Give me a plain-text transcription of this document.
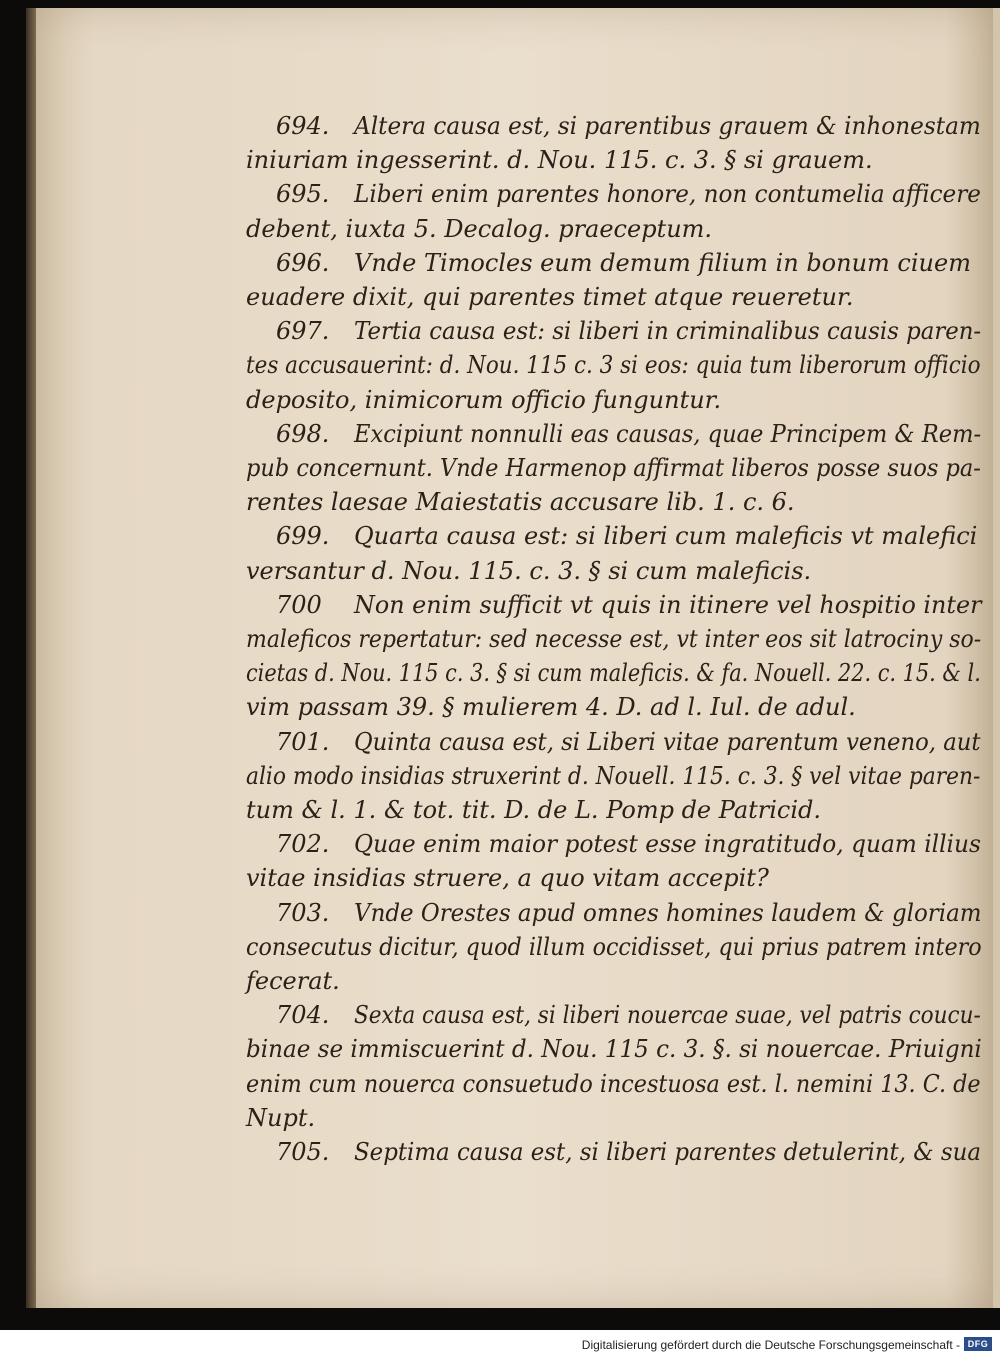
694. Altera causa est, si parentibus grauem & inhonestam
iniuriam ingesserint. d. Nou. 115. c. 3. § si grauem.
695. Liberi enim parentes honore, non contumelia afficere
debent, iuxta 5. Decalog. praeceptum.
696. Vnde Timocles eum demum filium in bonum ciuem
euadere dixit, qui parentes timet atque reueretur.
697. Tertia causa est: si liberi in criminalibus causis paren-
tes accusauerint: d. Nou. 115 c. 3 si eos: quia tum liberorum officio
deposito, inimicorum officio funguntur.
698. Excipiunt nonnulli eas causas, quae Principem & Rem-
pub concernunt. Vnde Harmenop affirmat liberos posse suos pa-
rentes laesae Maiestatis accusare lib. 1. c. 6.
699. Quarta causa est: si liberi cum maleficis vt malefici
versantur d. Nou. 115. c. 3. § si cum maleficis.
700 Non enim sufficit vt quis in itinere vel hospitio inter
maleficos repertatur: sed necesse est, vt inter eos sit latrociny so-
cietas d. Nou. 115 c. 3. § si cum maleficis. & fa. Nouell. 22. c. 15. & l.
vim passam 39. § mulierem 4. D. ad l. Iul. de adul.
701. Quinta causa est, si Liberi vitae parentum veneno, aut
alio modo insidias struxerint d. Nouell. 115. c. 3. § vel vitae paren-
tum & l. 1. & tot. tit. D. de L. Pomp de Patricid.
702. Quae enim maior potest esse ingratitudo, quam illius
vitae insidias struere, a quo vitam accepit?
703. Vnde Orestes apud omnes homines laudem & gloriam
consecutus dicitur, quod illum occidisset, qui prius patrem intero
fecerat.
704. Sexta causa est, si liberi nouercae suae, vel patris coucu-
binae se immiscuerint d. Nou. 115 c. 3. §. si nouercae. Priuigni
enim cum nouerca consuetudo incestuosa est. l. nemini 13. C. de
Nupt.
705. Septima causa est, si liberi parentes detulerint, & sua
Digitalisierung gefördert durch die Deutsche Forschungsgemeinschaft - DFG
